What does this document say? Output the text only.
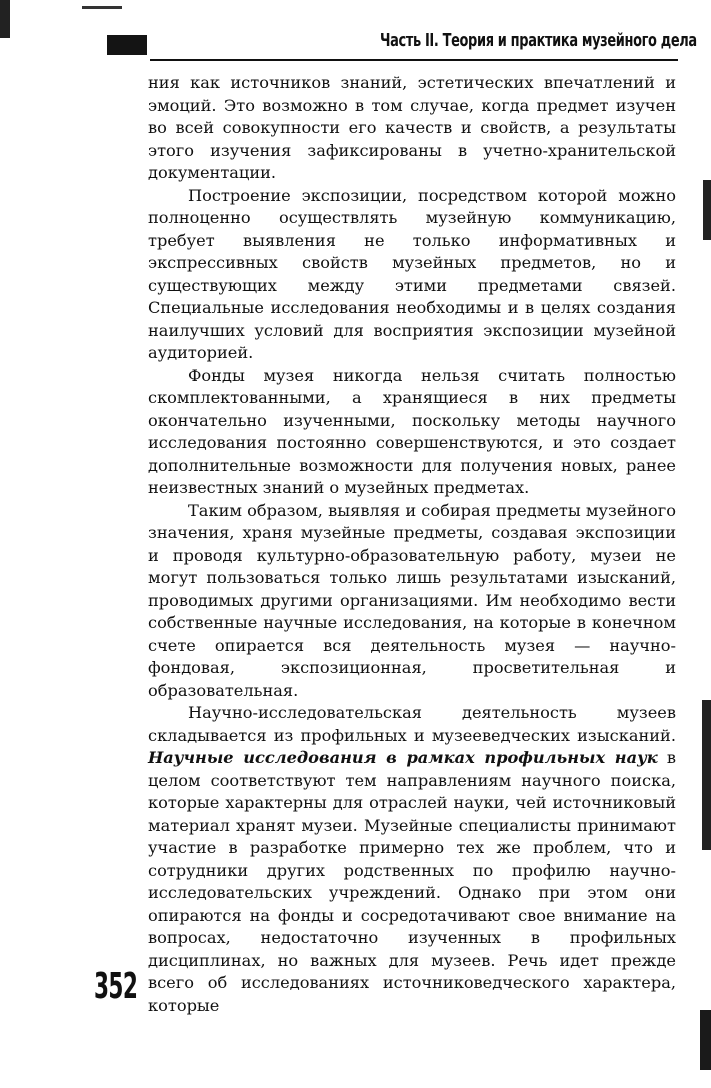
Часть II. Теория и практика музейного дела

ния как источников знаний, эстетических впечатлений и эмоций. Это возможно в том случае, когда предмет изучен во всей совокупности его качеств и свойств, а результаты этого изучения зафиксированы в учетно-хранительской документации.

Построение экспозиции, посредством которой можно полноценно осуществлять музейную коммуникацию, требует выявления не только информативных и экспрессивных свойств музейных предметов, но и существующих между этими предметами связей. Специальные исследования необходимы и в целях создания наилучших условий для восприятия экспозиции музейной аудиторией.

Фонды музея никогда нельзя считать полностью скомплектованными, а хранящиеся в них предметы окончательно изученными, поскольку методы научного исследования постоянно совершенствуются, и это создает дополнительные возможности для получения новых, ранее неизвестных знаний о музейных предметах.

Таким образом, выявляя и собирая предметы музейного значения, храня музейные предметы, создавая экспозиции и проводя культурно-образовательную работу, музеи не могут пользоваться только лишь результатами изысканий, проводимых другими организациями. Им необходимо вести собственные научные исследования, на которые в конечном счете опирается вся деятельность музея — научно-фондовая, экспозиционная, просветительная и образовательная.

Научно-исследовательская деятельность музеев складывается из профильных и музееведческих изысканий. Научные исследования в рамках профильных наук в целом соответствуют тем направлениям научного поиска, которые характерны для отраслей науки, чей источниковый материал хранят музеи. Музейные специалисты принимают участие в разработке примерно тех же проблем, что и сотрудники других родственных по профилю научно-исследовательских учреждений. Однако при этом они опираются на фонды и сосредотачивают свое внимание на вопросах, недостаточно изученных в профильных дисциплинах, но важных для музеев. Речь идет прежде всего об исследованиях источниковедческого характера, которые

352
